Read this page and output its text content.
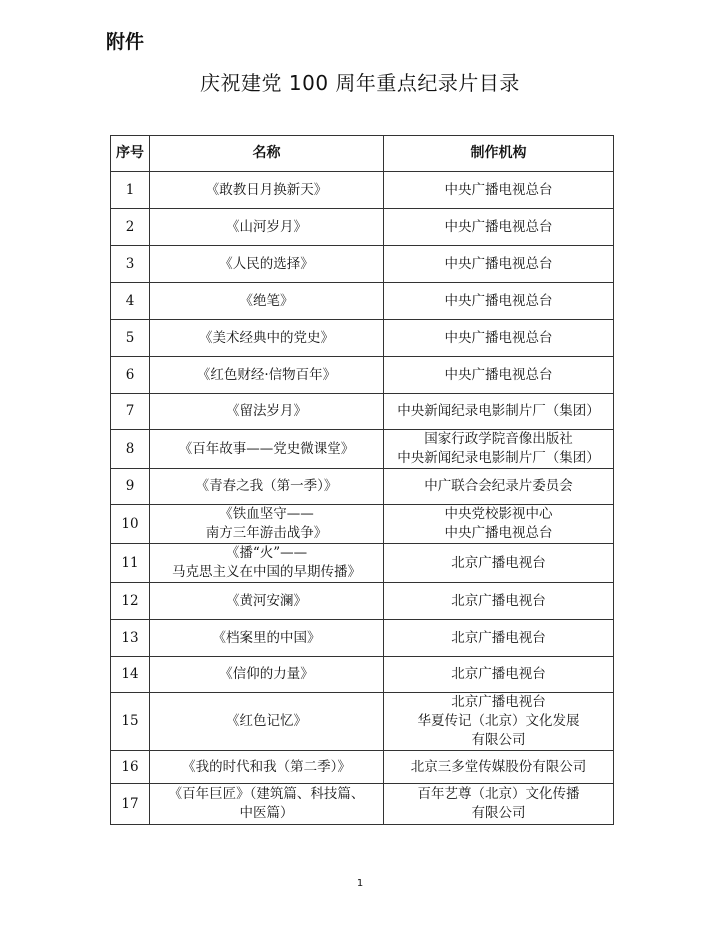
附件
庆祝建党 100 周年重点纪录片目录
序号	名称	制作机构
1	《敢教日月换新天》	中央广播电视总台

2	《山河岁月》	中央广播电视总台

3	《人民的选择》	中央广播电视总台

4	《绝笔》	中央广播电视总台

5	《美术经典中的党史》	中央广播电视总台

6	《红色财经·信物百年》	中央广播电视总台

7	《留法岁月》	中央新闻纪录电影制片厂（集团）

8	《百年故事——党史微课堂》	国家行政学院音像出版社
中央新闻纪录电影制片厂（集团）

9	《青春之我（第一季）》	中广联合会纪录片委员会

10	《铁血坚守——
南方三年游击战争》	中央党校影视中心
中央广播电视总台

11	《播“火”——
马克思主义在中国的早期传播》	北京广播电视台

12	《黄河安澜》	北京广播电视台

13	《档案里的中国》	北京广播电视台

14	《信仰的力量》	北京广播电视台

15	《红色记忆》	北京广播电视台
华夏传记（北京）文化发展
有限公司

16	《我的时代和我（第二季）》	北京三多堂传媒股份有限公司

17	《百年巨匠》（建筑篇、科技篇、
中医篇）	百年艺尊（北京）文化传播
有限公司
1
